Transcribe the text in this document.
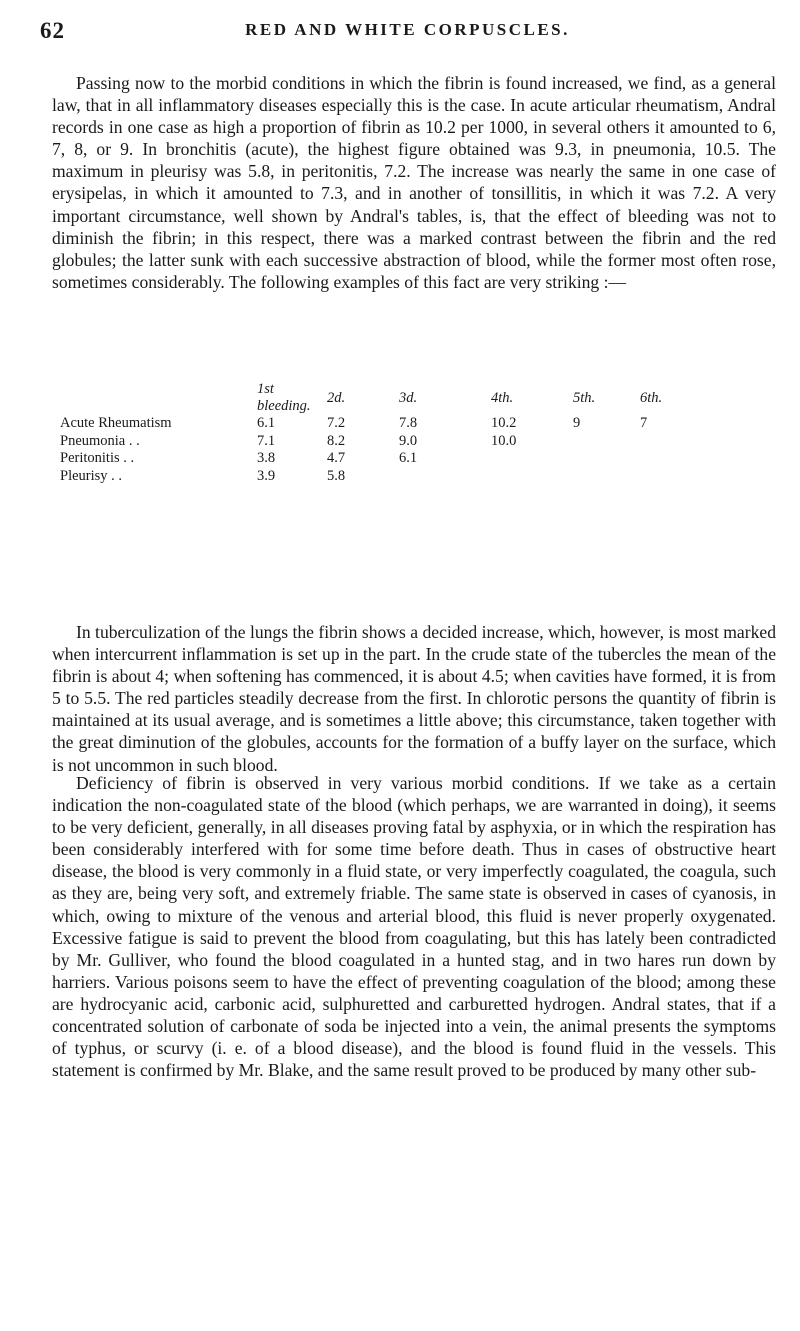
62	RED AND WHITE CORPUSCLES.

Passing now to the morbid conditions in which the fibrin is found increased, we find, as a general law, that in all inflammatory diseases especially this is the case. In acute articular rheumatism, Andral records in one case as high a proportion of fibrin as 10.2 per 1000, in several others it amounted to 6, 7, 8, or 9. In bronchitis (acute), the highest figure obtained was 9.3, in pneumonia, 10.5. The maximum in pleurisy was 5.8, in peritonitis, 7.2. The increase was nearly the same in one case of erysipelas, in which it amounted to 7.3, and in another of tonsillitis, in which it was 7.2. A very important circumstance, well shown by Andral's tables, is, that the effect of bleeding was not to diminish the fibrin; in this respect, there was a marked contrast between the fibrin and the red globules; the latter sunk with each successive abstraction of blood, while the former most often rose, sometimes considerably. The following examples of this fact are very striking :—

	1st bleeding.	2d.	3d.	4th.	5th.	6th.
Acute Rheumatism	6.1	7.2	7.8	10.2	9	7
Pneumonia . .	7.1	8.2	9.0	10.0		
Peritonitis . .	3.8	4.7	6.1			
Pleurisy . .	3.9	5.8				

In tuberculization of the lungs the fibrin shows a decided increase, which, however, is most marked when intercurrent inflammation is set up in the part. In the crude state of the tubercles the mean of the fibrin is about 4; when softening has commenced, it is about 4.5; when cavities have formed, it is from 5 to 5.5. The red particles steadily decrease from the first. In chlorotic persons the quantity of fibrin is maintained at its usual average, and is sometimes a little above; this circumstance, taken together with the great diminution of the globules, accounts for the formation of a buffy layer on the surface, which is not uncommon in such blood.

Deficiency of fibrin is observed in very various morbid conditions. If we take as a certain indication the non-coagulated state of the blood (which perhaps, we are warranted in doing), it seems to be very deficient, generally, in all diseases proving fatal by asphyxia, or in which the respiration has been considerably interfered with for some time before death. Thus in cases of obstructive heart disease, the blood is very commonly in a fluid state, or very imperfectly coagulated, the coagula, such as they are, being very soft, and extremely friable. The same state is observed in cases of cyanosis, in which, owing to mixture of the venous and arterial blood, this fluid is never properly oxygenated. Excessive fatigue is said to prevent the blood from coagulating, but this has lately been contradicted by Mr. Gulliver, who found the blood coagulated in a hunted stag, and in two hares run down by harriers. Various poisons seem to have the effect of preventing coagulation of the blood; among these are hydrocyanic acid, carbonic acid, sulphuretted and carburetted hydrogen. Andral states, that if a concentrated solution of carbonate of soda be injected into a vein, the animal presents the symptoms of typhus, or scurvy (i. e. of a blood disease), and the blood is found fluid in the vessels. This statement is confirmed by Mr. Blake, and the same result proved to be produced by many other sub-
